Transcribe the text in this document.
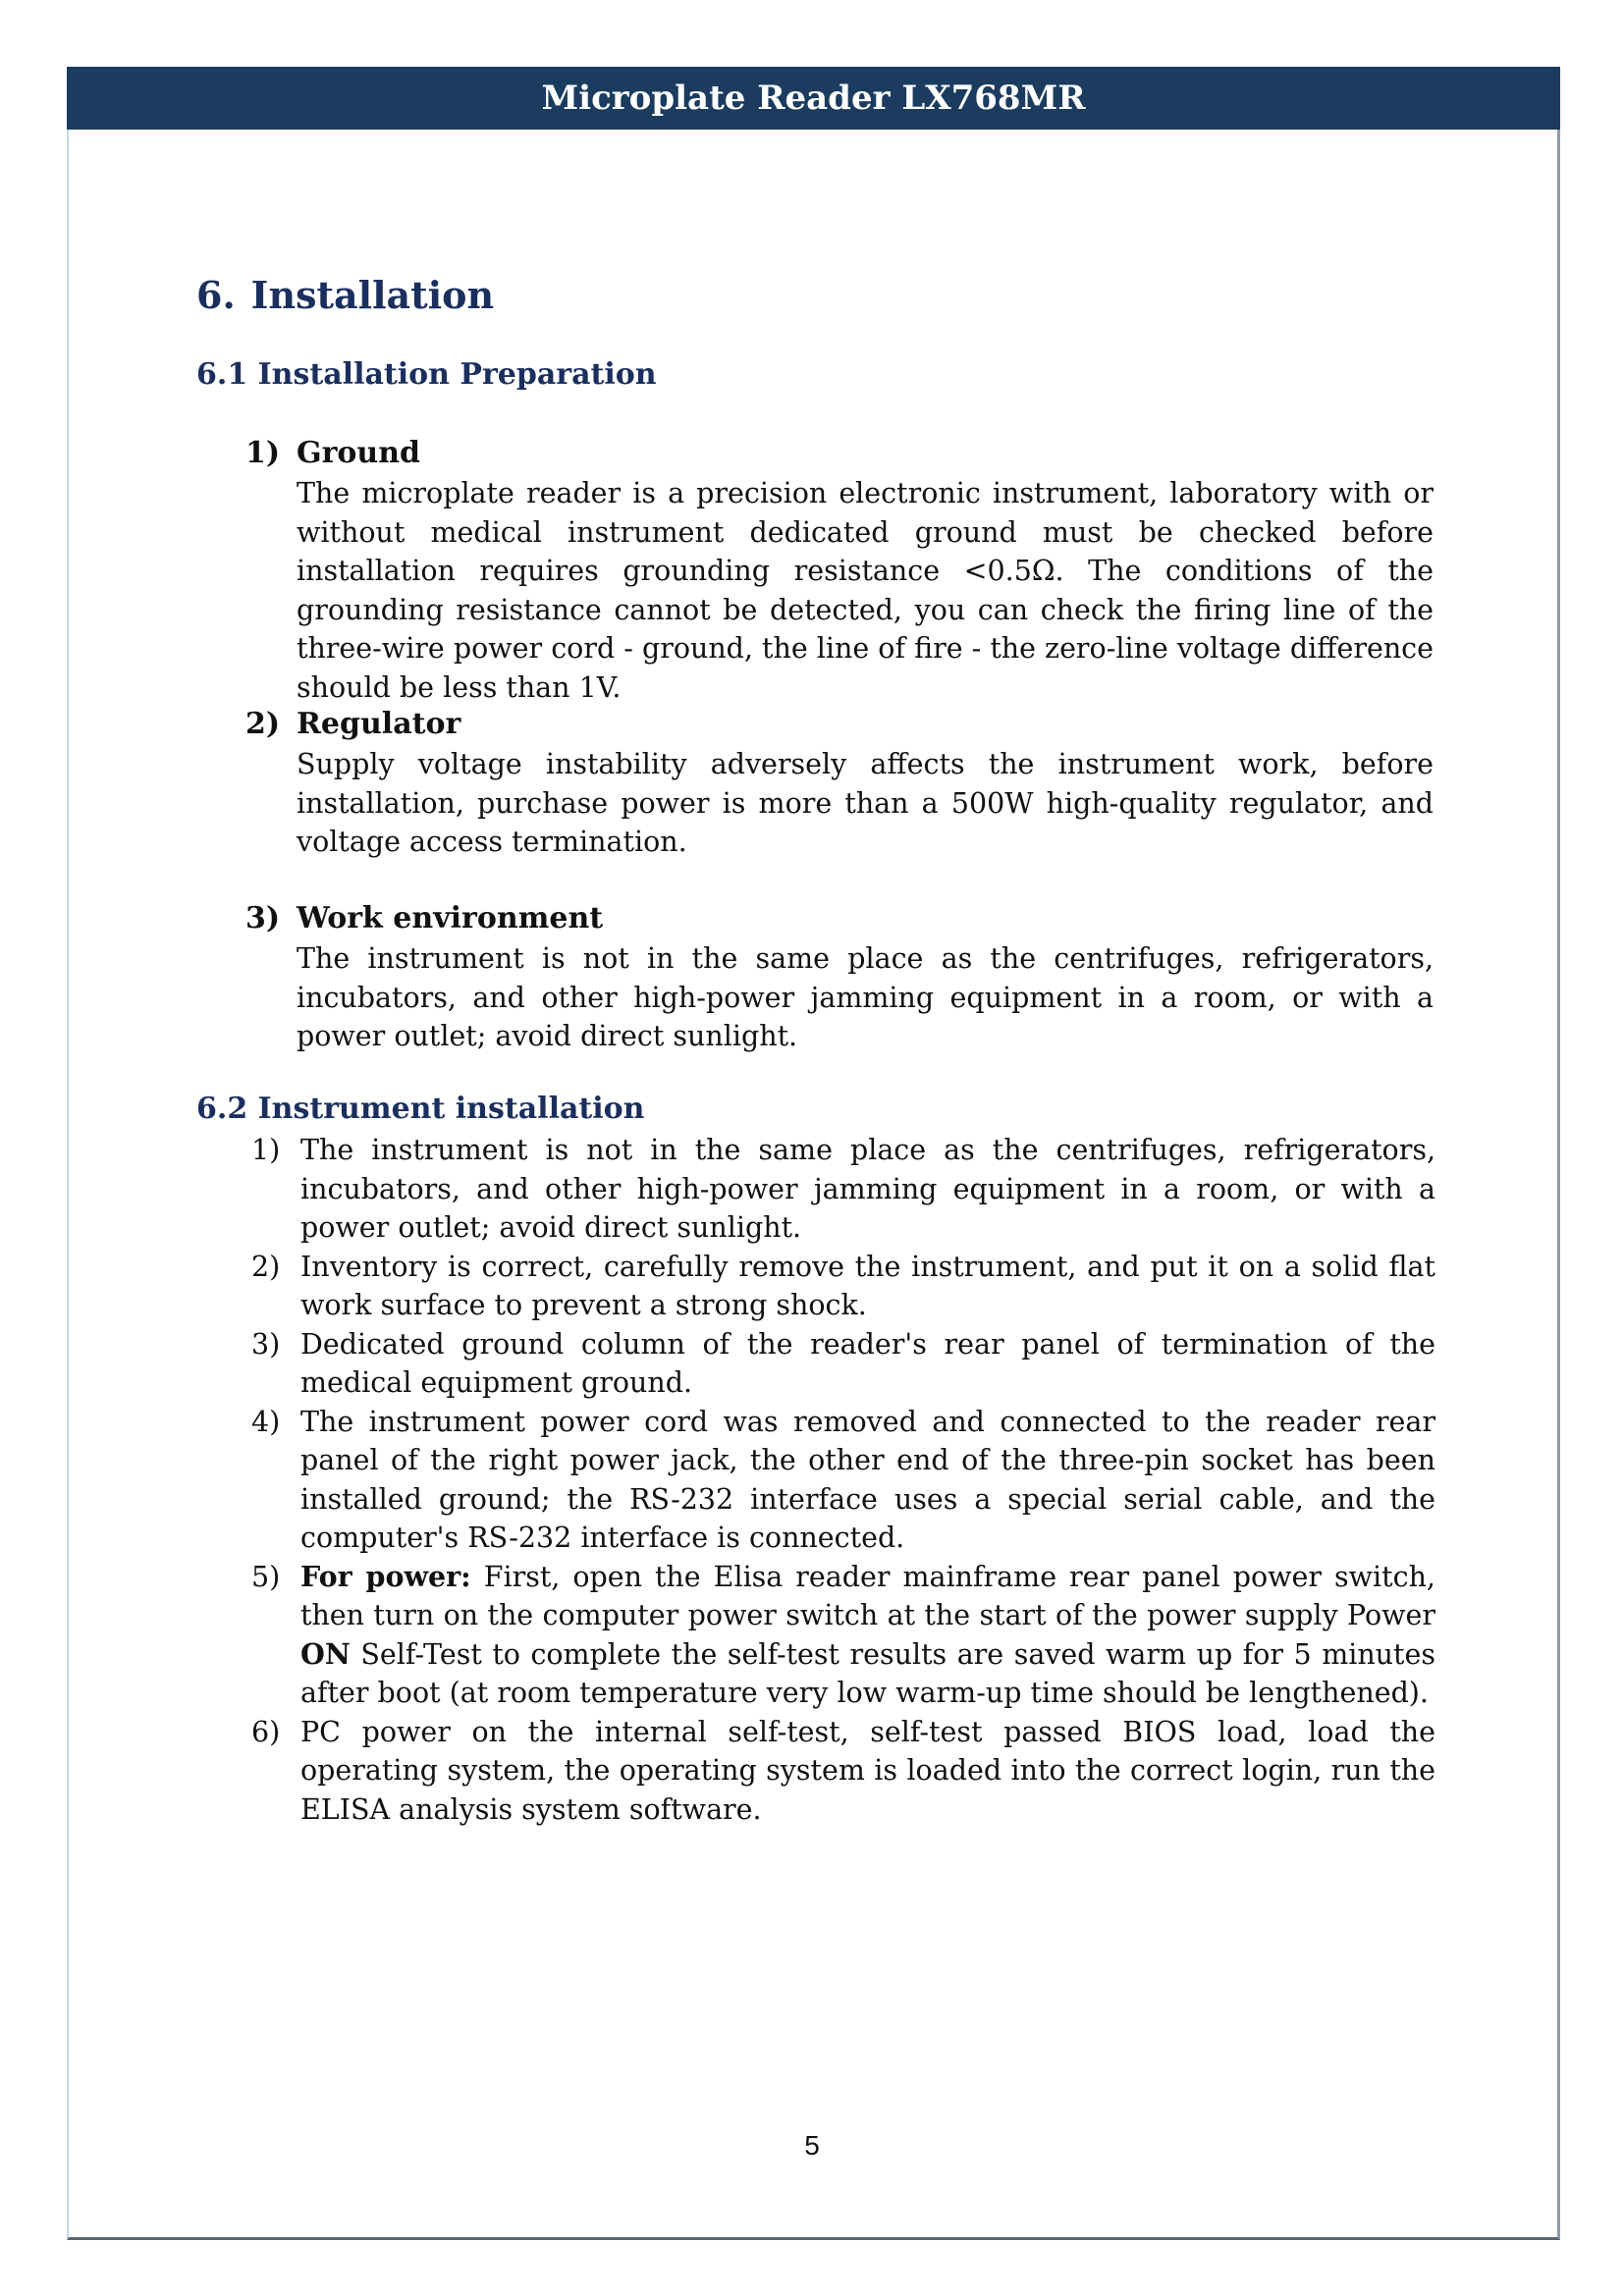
Microplate Reader LX768MR
6. Installation
6.1 Installation Preparation
1) Ground
The microplate reader is a precision electronic instrument, laboratory with or without medical instrument dedicated ground must be checked before installation requires grounding resistance <0.5Ω. The conditions of the grounding resistance cannot be detected, you can check the firing line of the three-wire power cord - ground, the line of fire - the zero-line voltage difference should be less than 1V.
2) Regulator
Supply voltage instability adversely affects the instrument work, before installation, purchase power is more than a 500W high-quality regulator, and voltage access termination.
3) Work environment
The instrument is not in the same place as the centrifuges, refrigerators, incubators, and other high-power jamming equipment in a room, or with a power outlet; avoid direct sunlight.
6.2 Instrument installation
1) The instrument is not in the same place as the centrifuges, refrigerators, incubators, and other high-power jamming equipment in a room, or with a power outlet; avoid direct sunlight.
2) Inventory is correct, carefully remove the instrument, and put it on a solid flat work surface to prevent a strong shock.
3) Dedicated ground column of the reader's rear panel of termination of the medical equipment ground.
4) The instrument power cord was removed and connected to the reader rear panel of the right power jack, the other end of the three-pin socket has been installed ground; the RS-232 interface uses a special serial cable, and the computer's RS-232 interface is connected.
5) For power: First, open the Elisa reader mainframe rear panel power switch, then turn on the computer power switch at the start of the power supply Power ON Self-Test to complete the self-test results are saved warm up for 5 minutes after boot (at room temperature very low warm-up time should be lengthened).
6) PC power on the internal self-test, self-test passed BIOS load, load the operating system, the operating system is loaded into the correct login, run the ELISA analysis system software.
5
